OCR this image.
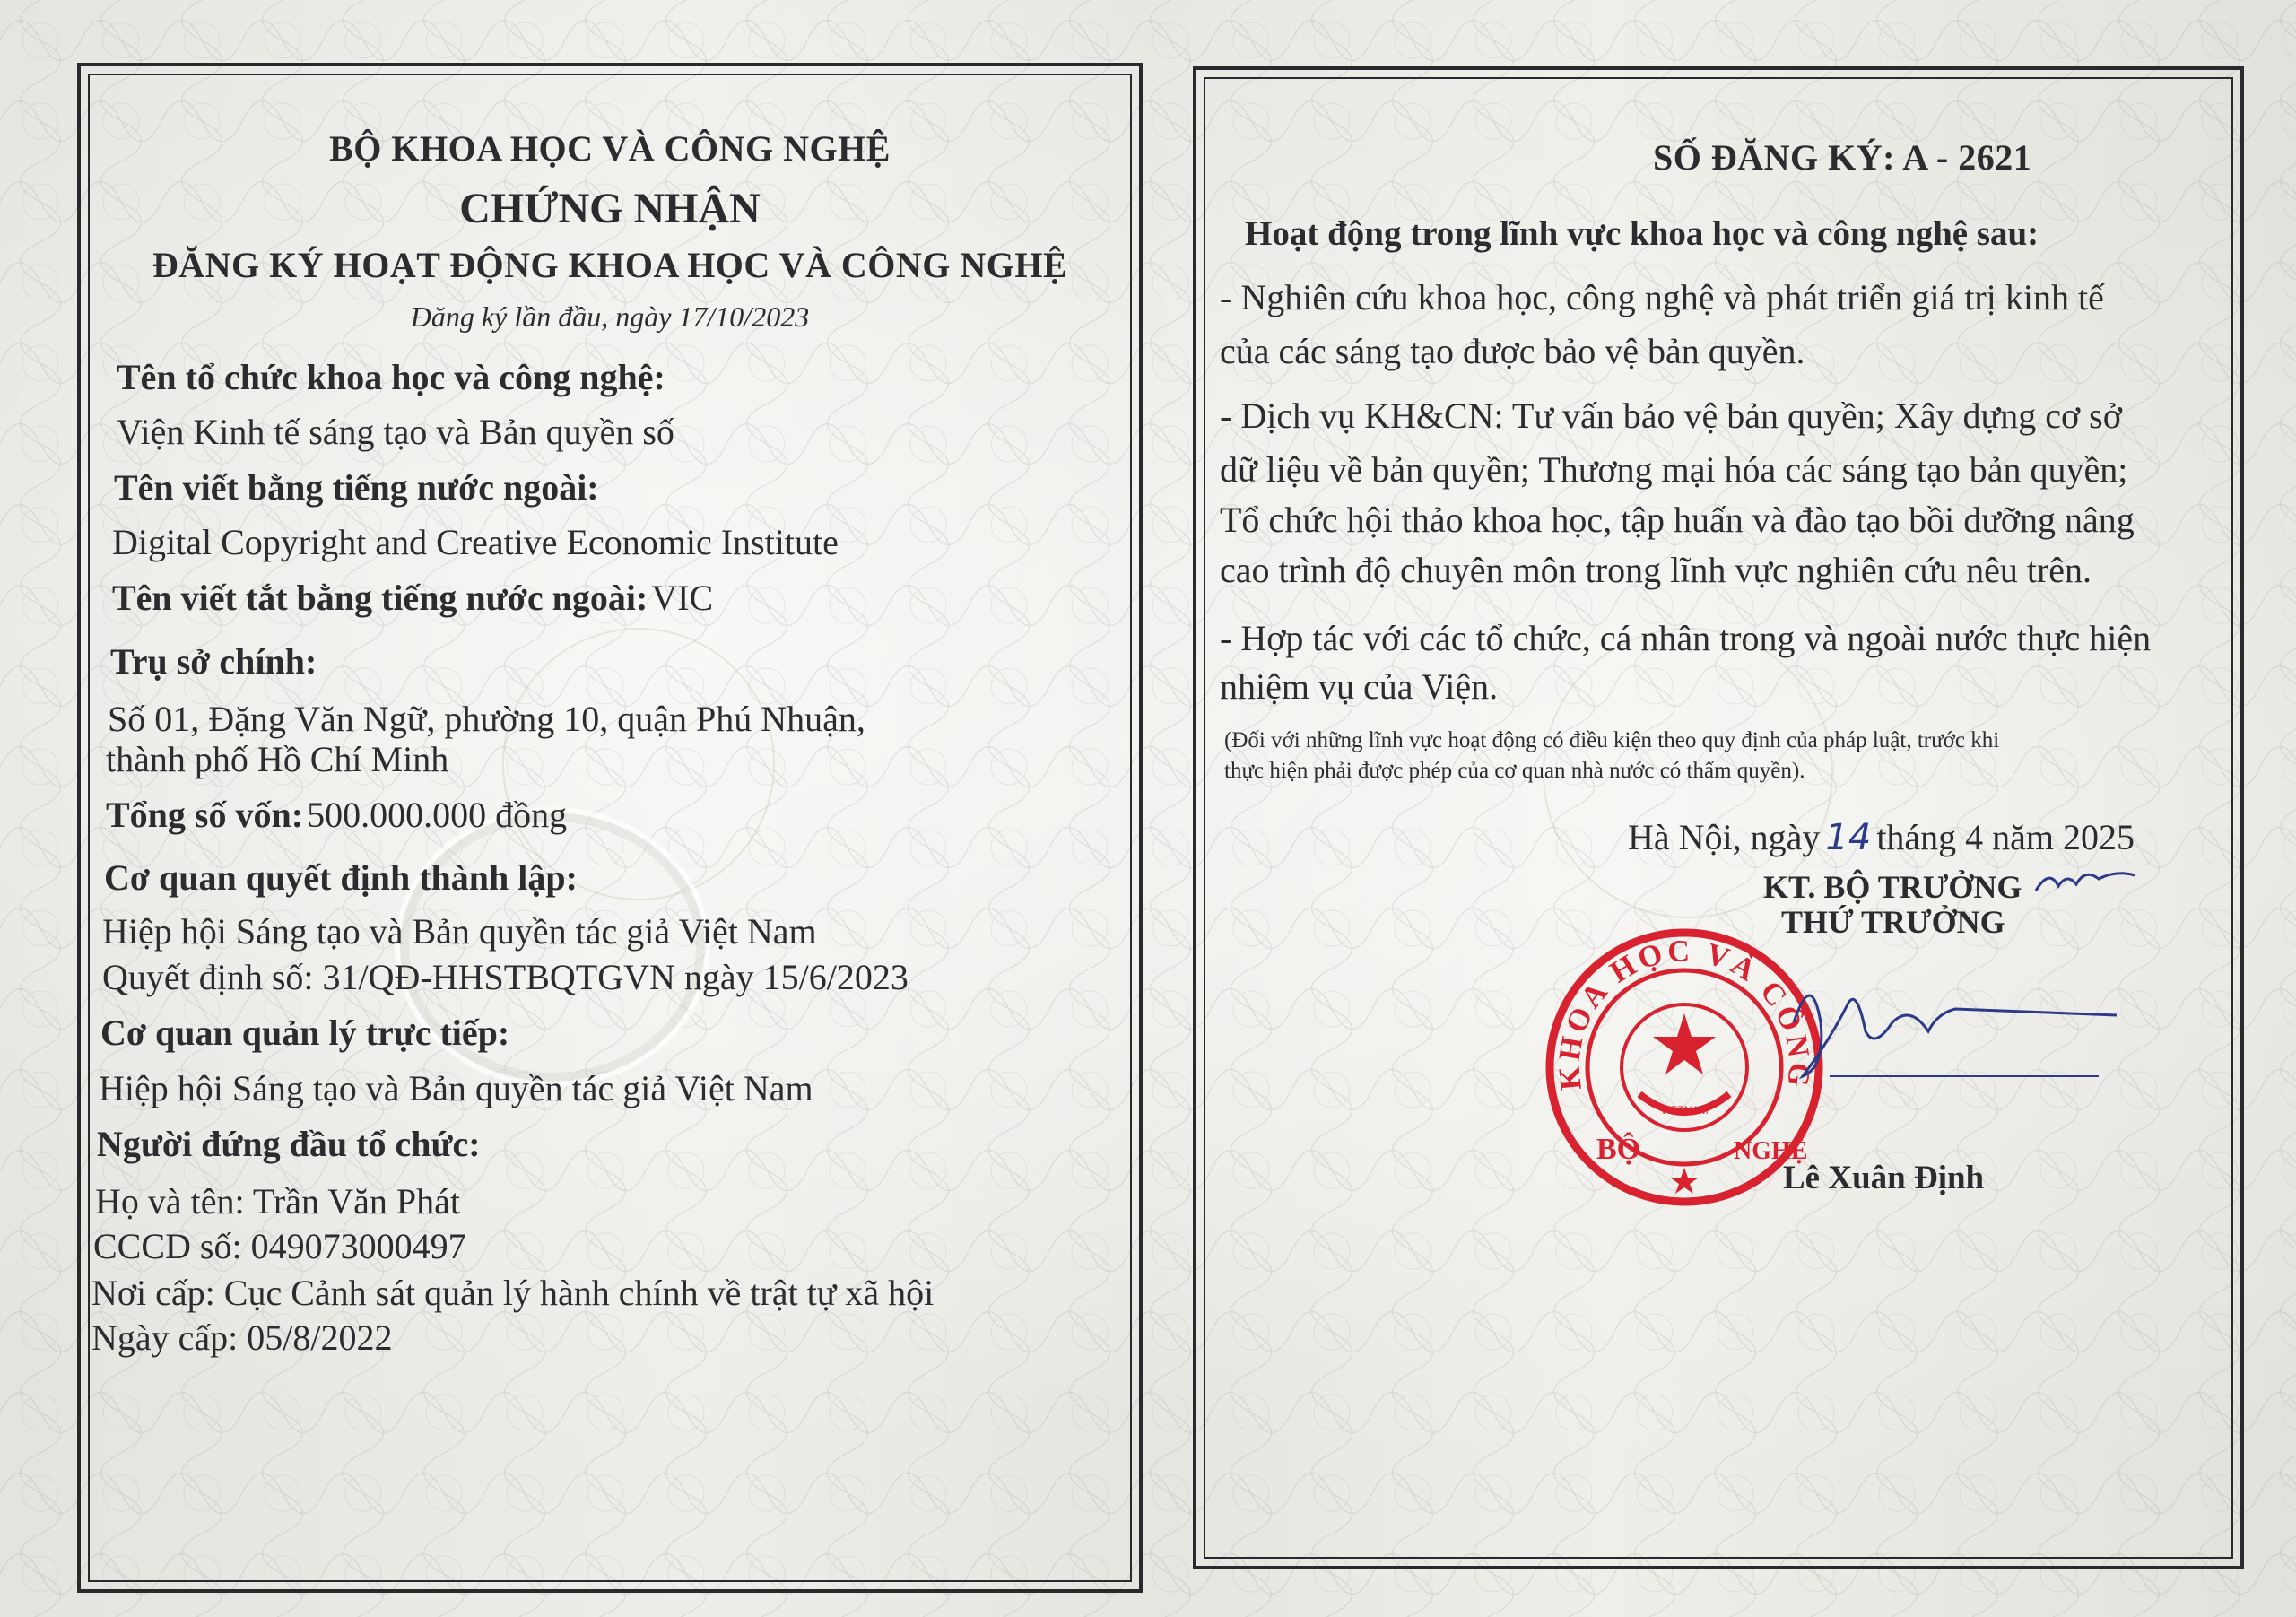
BỘ KHOA HỌC VÀ CÔNG NGHỆ
CHỨNG NHẬN
ĐĂNG KÝ HOẠT ĐỘNG KHOA HỌC VÀ CÔNG NGHỆ
Đăng ký lần đầu, ngày 17/10/2023
Tên tổ chức khoa học và công nghệ:
Viện Kinh tế sáng tạo và Bản quyền số
Tên viết bằng tiếng nước ngoài:
Digital Copyright and Creative Economic Institute
Tên viết tắt bằng tiếng nước ngoài: VIC
Trụ sở chính:
Số 01, Đặng Văn Ngữ, phường 10, quận Phú Nhuận,
thành phố Hồ Chí Minh
Tổng số vốn: 500.000.000 đồng
Cơ quan quyết định thành lập:
Hiệp hội Sáng tạo và Bản quyền tác giả Việt Nam
Quyết định số: 31/QĐ-HHSTBQTGVN ngày 15/6/2023
Cơ quan quản lý trực tiếp:
Hiệp hội Sáng tạo và Bản quyền tác giả Việt Nam
Người đứng đầu tổ chức:
Họ và tên: Trần Văn Phát
CCCD số: 049073000497
Nơi cấp: Cục Cảnh sát quản lý hành chính về trật tự xã hội
Ngày cấp: 05/8/2022
SỐ ĐĂNG KÝ: A - 2621
Hoạt động trong lĩnh vực khoa học và công nghệ sau:
- Nghiên cứu khoa học, công nghệ và phát triển giá trị kinh tế
của các sáng tạo được bảo vệ bản quyền.
- Dịch vụ KH&CN: Tư vấn bảo vệ bản quyền; Xây dựng cơ sở
dữ liệu về bản quyền; Thương mại hóa các sáng tạo bản quyền;
Tổ chức hội thảo khoa học, tập huấn và đào tạo bồi dưỡng nâng
cao trình độ chuyên môn trong lĩnh vực nghiên cứu nêu trên.
- Hợp tác với các tổ chức, cá nhân trong và ngoài nước thực hiện
nhiệm vụ của Viện.
(Đối với những lĩnh vực hoạt động có điều kiện theo quy định của pháp luật, trước khi
thực hiện phải được phép của cơ quan nhà nước có thẩm quyền).
Hà Nội, ngày 14 tháng 4 năm 2025
KT. BỘ TRƯỞNG
THỨ TRƯỞNG
KHOA HỌC VÀ CÔNG
BỘ	NGHỆ
VIETNAM
Lê Xuân Định
